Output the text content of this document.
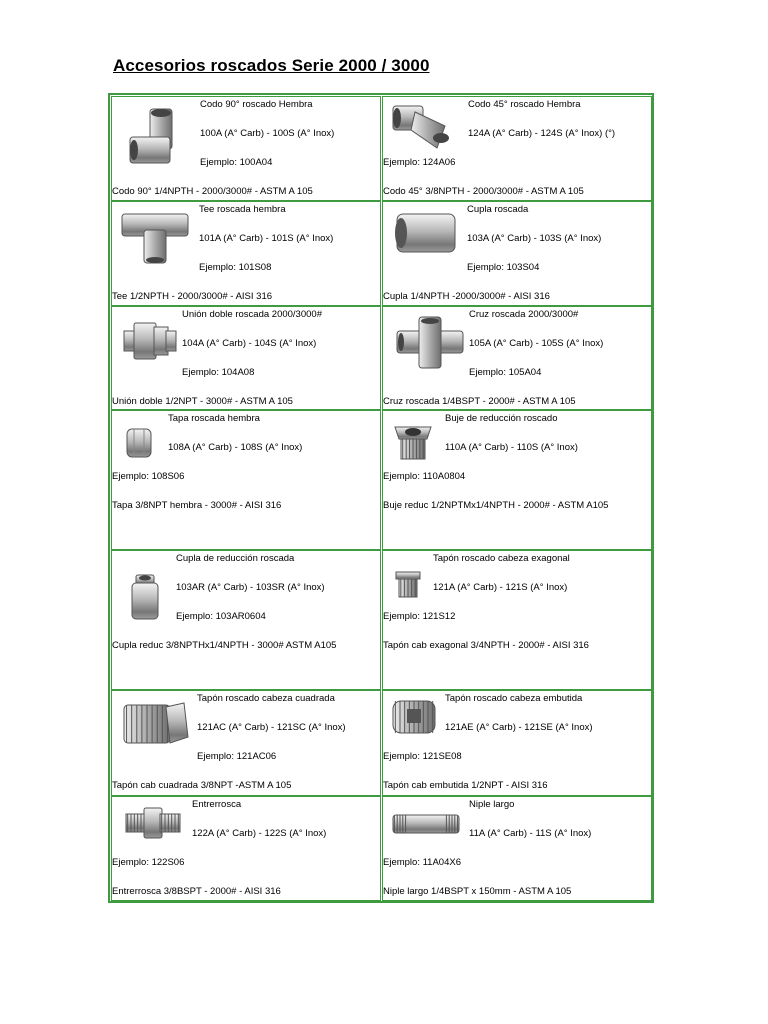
Accesorios roscados Serie 2000 / 3000
Codo 90° roscado Hembra
100A (A° Carb) - 100S (A° Inox)
Ejemplo: 100A04
Codo 90° 1/4NPTH - 2000/3000# - ASTM A 105
Codo 45° roscado Hembra
124A (A° Carb) - 124S (A° Inox) (°)
Ejemplo: 124A06
Codo 45° 3/8NPTH - 2000/3000# - ASTM A 105
Tee roscada hembra
101A (A° Carb) - 101S (A° Inox)
Ejemplo: 101S08
Tee 1/2NPTH - 2000/3000# - AISI 316
Cupla roscada
103A (A° Carb) - 103S (A° Inox)
Ejemplo: 103S04
Cupla 1/4NPTH -2000/3000# - AISI 316
Unión doble roscada 2000/3000#
104A (A° Carb) - 104S (A° Inox)
Ejemplo: 104A08
Unión doble 1/2NPT - 3000# - ASTM A 105
Cruz roscada 2000/3000#
105A (A° Carb) - 105S (A° Inox)
Ejemplo: 105A04
Cruz roscada 1/4BSPT - 2000# - ASTM A 105
Tapa roscada hembra
108A (A° Carb) - 108S (A° Inox)
Ejemplo: 108S06
Tapa 3/8NPT hembra - 3000# - AISI 316
Buje de reducción roscado
110A (A° Carb) - 110S (A° Inox)
Ejemplo: 110A0804
Buje reduc 1/2NPTMx1/4NPTH - 2000# - ASTM A105
Cupla de reducción roscada
103AR (A° Carb) - 103SR (A° Inox)
Ejemplo: 103AR0604
Cupla reduc 3/8NPTHx1/4NPTH - 3000# ASTM A105
Tapón roscado cabeza exagonal
121A (A° Carb) - 121S (A° Inox)
Ejemplo: 121S12
Tapón cab exagonal 3/4NPTH - 2000# - AISI 316
Tapón roscado cabeza cuadrada
121AC (A° Carb) - 121SC (A° Inox)
Ejemplo: 121AC06
Tapón cab cuadrada 3/8NPT -ASTM A 105
Tapón roscado cabeza embutida
121AE (A° Carb) - 121SE (A° Inox)
Ejemplo: 121SE08
Tapón cab embutida 1/2NPT - AISI 316
Entrerrosca
122A (A° Carb) - 122S (A° Inox)
Ejemplo: 122S06
Entrerrosca 3/8BSPT - 2000# - AISI 316
Niple largo
11A (A° Carb) - 11S (A° Inox)
Ejemplo: 11A04X6
Niple largo 1/4BSPT x 150mm - ASTM A 105
